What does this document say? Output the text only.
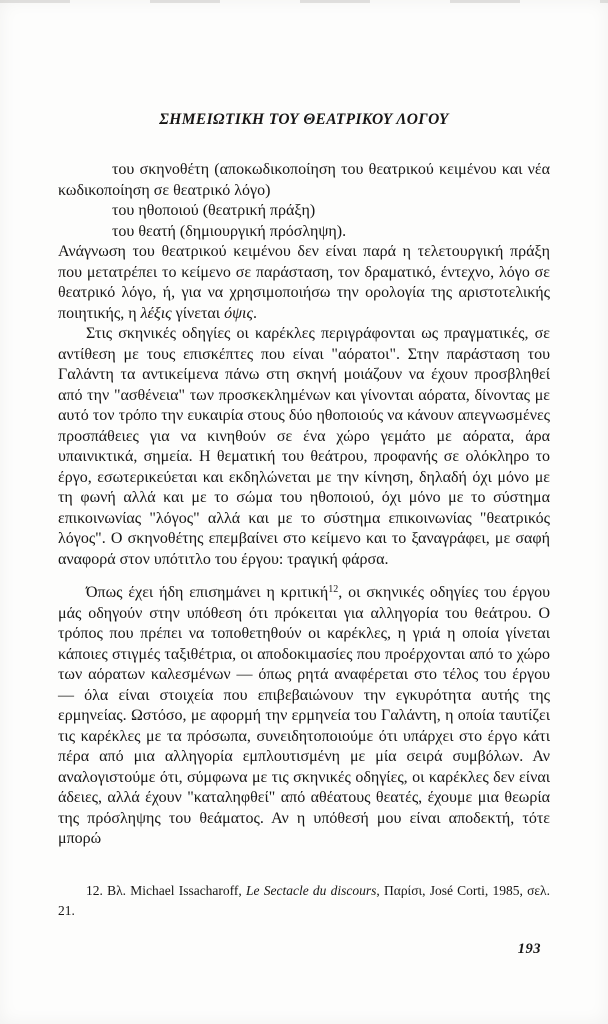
ΣΗΜΕΙΩΤΙΚΗ ΤΟΥ ΘΕΑΤΡΙΚΟΥ ΛΟΓΟΥ

του σκηνοθέτη (αποκωδικοποίηση του θεατρικού κειμένου και νέα κωδικοποίηση σε θεατρικό λόγο)

του ηθοποιού (θεατρική πράξη)

του θεατή (δημιουργική πρόσληψη).

Ανάγνωση του θεατρικού κειμένου δεν είναι παρά η τελετουργική πράξη που μετατρέπει το κείμενο σε παράσταση, τον δραματικό, έντεχνο, λόγο σε θεατρικό λόγο, ή, για να χρησιμοποιήσω την ορολογία της αριστοτελικής ποιητικής, η λέξις γίνεται όψις.

Στις σκηνικές οδηγίες οι καρέκλες περιγράφονται ως πραγματικές, σε αντίθεση με τους επισκέπτες που είναι "αόρατοι". Στην παράσταση του Γαλάντη τα αντικείμενα πάνω στη σκηνή μοιάζουν να έχουν προσβληθεί από την "ασθένεια" των προσκεκλημένων και γίνονται αόρατα, δίνοντας με αυτό τον τρόπο την ευκαιρία στους δύο ηθοποιούς να κάνουν απεγνωσμένες προσπάθειες για να κινηθούν σε ένα χώρο γεμάτο με αόρατα, άρα υπαινικτικά, σημεία. Η θεματική του θεάτρου, προφανής σε ολόκληρο το έργο, εσωτερικεύεται και εκδηλώνεται με την κίνηση, δηλαδή όχι μόνο με τη φωνή αλλά και με το σώμα του ηθοποιού, όχι μόνο με το σύστημα επικοινωνίας "λόγος" αλλά και με το σύστημα επικοινωνίας "θεατρικός λόγος". Ο σκηνοθέτης επεμβαίνει στο κείμενο και το ξαναγράφει, με σαφή αναφορά στον υπότιτλο του έργου: τραγική φάρσα.

Όπως έχει ήδη επισημάνει η κριτική$^{12}$, οι σκηνικές οδηγίες του έργου μάς οδηγούν στην υπόθεση ότι πρόκειται για αλληγορία του θεάτρου. Ο τρόπος που πρέπει να τοποθετηθούν οι καρέκλες, η γριά η οποία γίνεται κάποιες στιγμές ταξιθέτρια, οι αποδοκιμασίες που προέρχονται από το χώρο των αόρατων καλεσμένων — όπως ρητά αναφέρεται στο τέλος του έργου — όλα είναι στοιχεία που επιβεβαιώνουν την εγκυρότητα αυτής της ερμηνείας. Ωστόσο, με αφορμή την ερμηνεία του Γαλάντη, η οποία ταυτίζει τις καρέκλες με τα πρόσωπα, συνειδητοποιούμε ότι υπάρχει στο έργο κάτι πέρα από μια αλληγορία εμπλουτισμένη με μία σειρά συμβόλων. Αν αναλογιστούμε ότι, σύμφωνα με τις σκηνικές οδηγίες, οι καρέκλες δεν είναι άδειες, αλλά έχουν "καταληφθεί" από αθέατους θεατές, έχουμε μια θεωρία της πρόσληψης του θεάματος. Αν η υπόθεσή μου είναι αποδεκτή, τότε μπορώ

12. Βλ. Michael Issacharoff, Le Sectacle du discours, Παρίσι, José Corti, 1985, σελ. 21.
193
